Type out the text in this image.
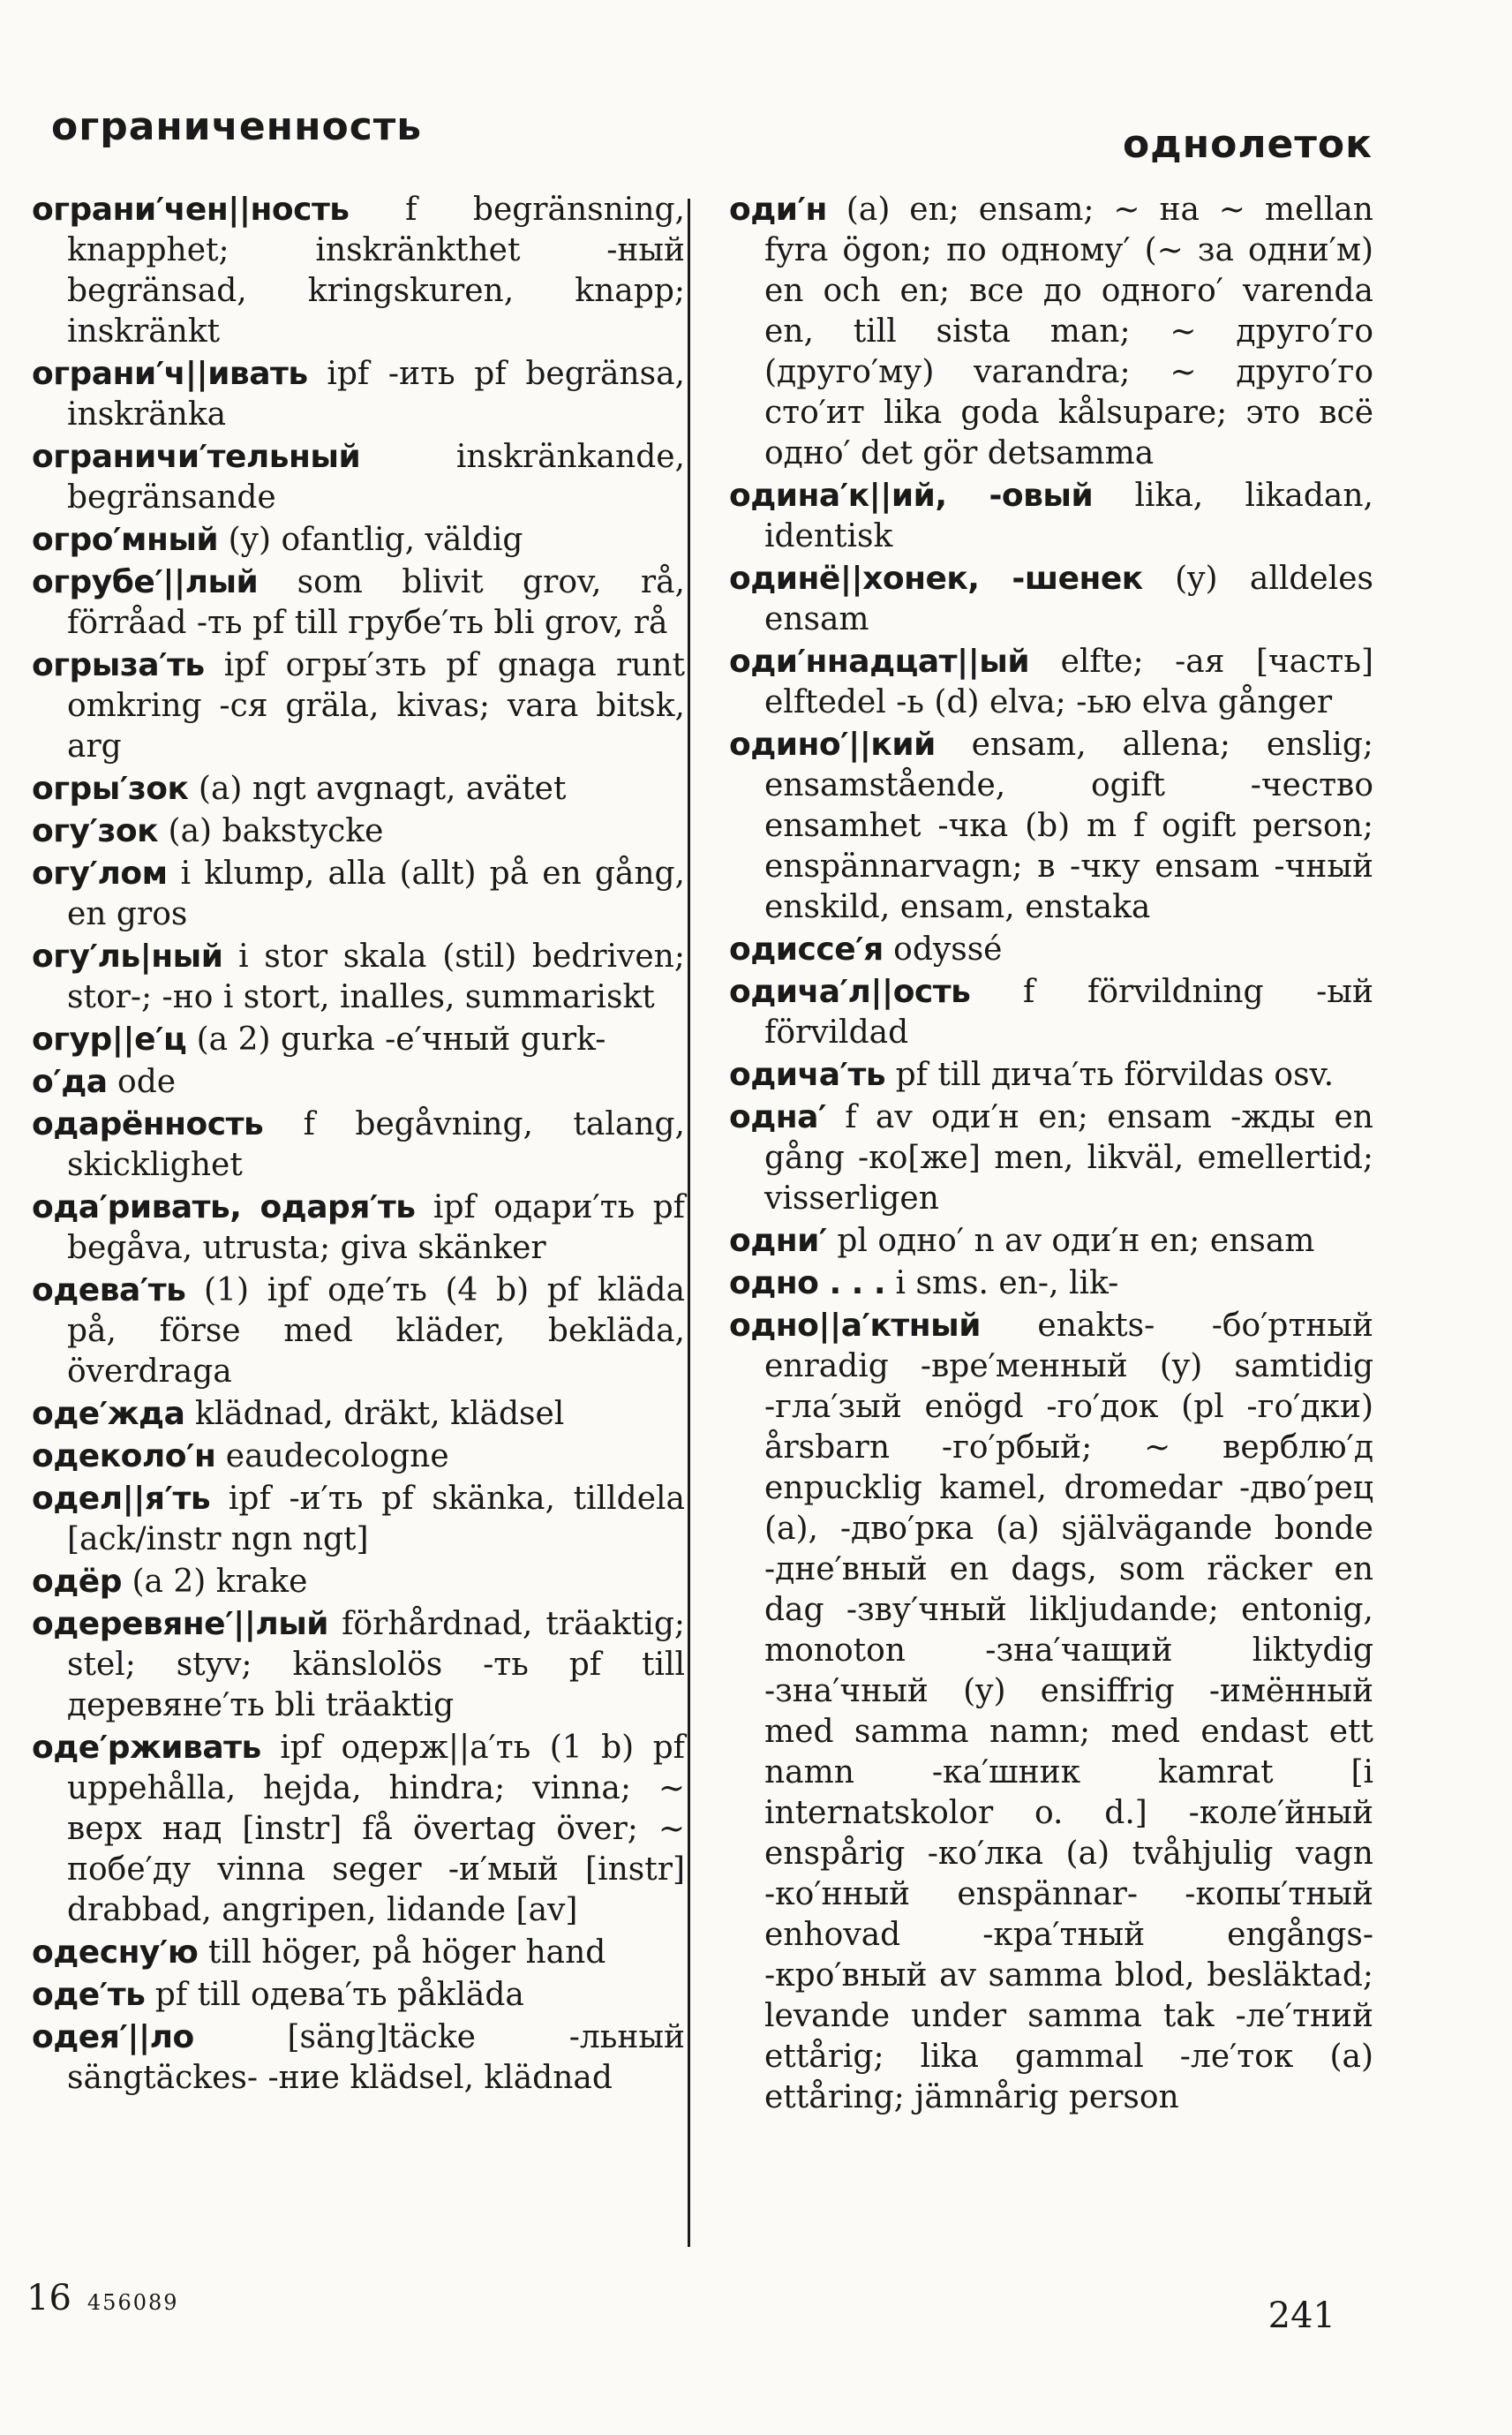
ограниченность	однолеток
ограни′чен||ность f begränsning, knapphet; inskränkthet -ный begränsad, kringskuren, knapp; inskränkt
ограни′ч||ивать ipf -ить pf begränsa, inskränka
ограничи′тельный inskränkande, begränsande
огро′мный (y) ofantlig, väldig
огрубе′||лый som blivit grov, rå, förråad -ть pf till грубе′ть bli grov, rå
огрыза′ть ipf огры′зть pf gnaga runt omkring -ся gräla, kivas; vara bitsk, arg
огры′зок (a) ngt avgnagt, avätet
огу′зок (a) bakstycke
огу′лом i klump, alla (allt) på en gång, en gros
огу′ль|ный i stor skala (stil) bedriven; stor-; -но i stort, inalles, summariskt
огур||е′ц (a 2) gurka -е′чный gurk-
о′да ode
одарённость f begåvning, talang, skicklighet
ода′ривать, одаря′ть ipf одари′ть pf begåva, utrusta; giva skänker
одева′ть (1) ipf оде′ть (4 b) pf kläda på, förse med kläder, bekläda, överdraga
оде′жда klädnad, dräkt, klädsel
одеколо′н eaudecologne
одел||я′ть ipf -и′ть pf skänka, tilldela [ack/instr ngn ngt]
одёр (a 2) krake
одеревяне′||лый förhårdnad, träaktig; stel; styv; känslolös -ть pf till деревяне′ть bli träaktig
оде′рживать ipf одерж||а′ть (1 b) pf uppehålla, hejda, hindra; vinna; ~ верх над [instr] få övertag över; ~ побе′ду vinna seger -и′мый [instr] drabbad, angripen, lidande [av]
одесну′ю till höger, på höger hand
оде′ть pf till одева′ть påkläda
одея′||ло [säng]täcke -льный sängtäckes- -ние klädsel, klädnad
оди′н (a) en; ensam; ~ на ~ mellan fyra ögon; по одному′ (~ за одни′м) en och en; все до одного′ varenda en, till sista man; ~ друго′го (друго′му) varandra; ~ друго′го сто′ит lika goda kålsupare; это всё одно′ det gör detsamma
одина′к||ий, -овый lika, likadan, identisk
одинё||хонек, -шенек (y) alldeles ensam
оди′ннадцат||ый elfte; -ая [часть] elftedel -ь (d) elva; -ью elva gånger
одино′||кий ensam, allena; enslig; ensamstående, ogift -чество ensamhet -чка (b) m f ogift person; enspännarvagn; в -чку ensam -чный enskild, ensam, enstaka
одиссе′я odyssé
одича′л||ость f förvildning -ый förvildad
одича′ть pf till дича′ть förvildas osv.
одна′ f av оди′н en; ensam -жды en gång -ко[же] men, likväl, emellertid; visserligen
одни′ pl одно′ n av оди′н en; ensam
одно . . . i sms. en-, lik-
одно||а′ктный enakts- -бо′ртный enradig -вре′менный (y) samtidig -гла′зый enögd -го′док (pl -го′дки) årsbarn -го′рбый; ~ верблю′д enpucklig kamel, dromedar -дво′рец (a), -дво′рка (a) självägande bonde -дне′вный en dags, som räcker en dag -зву′чный likljudande; entonig, monoton -зна′чащий liktydig -зна′чный (y) ensiffrig -имённый med samma namn; med endast ett namn -ка′шник kamrat [i internatskolor o. d.] -коле′йный enspårig -ко′лка (a) tvåhjulig vagn -ко′нный enspännar- -копы′тный enhovad -кра′тный engångs- -кро′вный av samma blod, besläktad; levande under samma tak -ле′тний ettårig; lika gammal -ле′ток (a) ettåring; jämnårig person
16 456089	241
